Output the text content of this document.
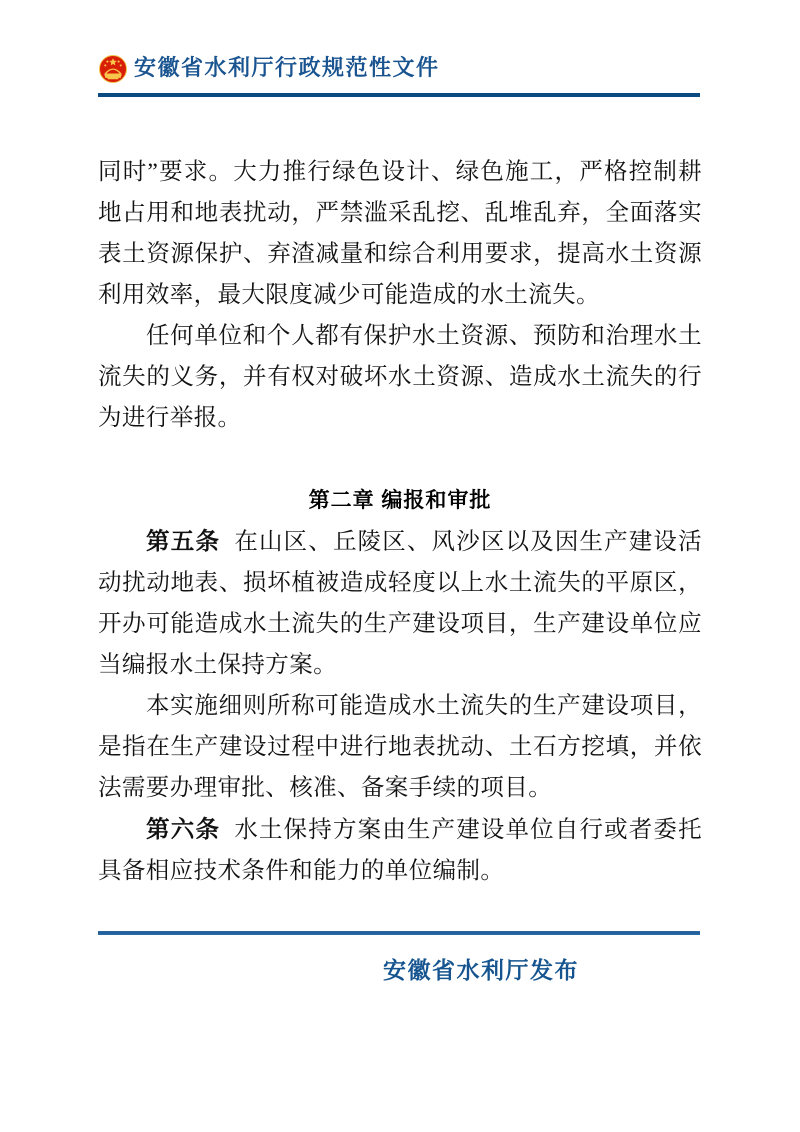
安徽省水利厅行政规范性文件

同时”要求。大力推行绿色设计、绿色施工，严格控制耕地占用和地表扰动，严禁滥采乱挖、乱堆乱弃，全面落实表土资源保护、弃渣减量和综合利用要求，提高水土资源利用效率，最大限度减少可能造成的水土流失。

任何单位和个人都有保护水土资源、预防和治理水土流失的义务，并有权对破坏水土资源、造成水土流失的行为进行举报。

第二章 编报和审批

第五条 在山区、丘陵区、风沙区以及因生产建设活动扰动地表、损坏植被造成轻度以上水土流失的平原区，开办可能造成水土流失的生产建设项目，生产建设单位应当编报水土保持方案。

本实施细则所称可能造成水土流失的生产建设项目，是指在生产建设过程中进行地表扰动、土石方挖填，并依法需要办理审批、核准、备案手续的项目。

第六条 水土保持方案由生产建设单位自行或者委托具备相应技术条件和能力的单位编制。

安徽省水利厅发布
